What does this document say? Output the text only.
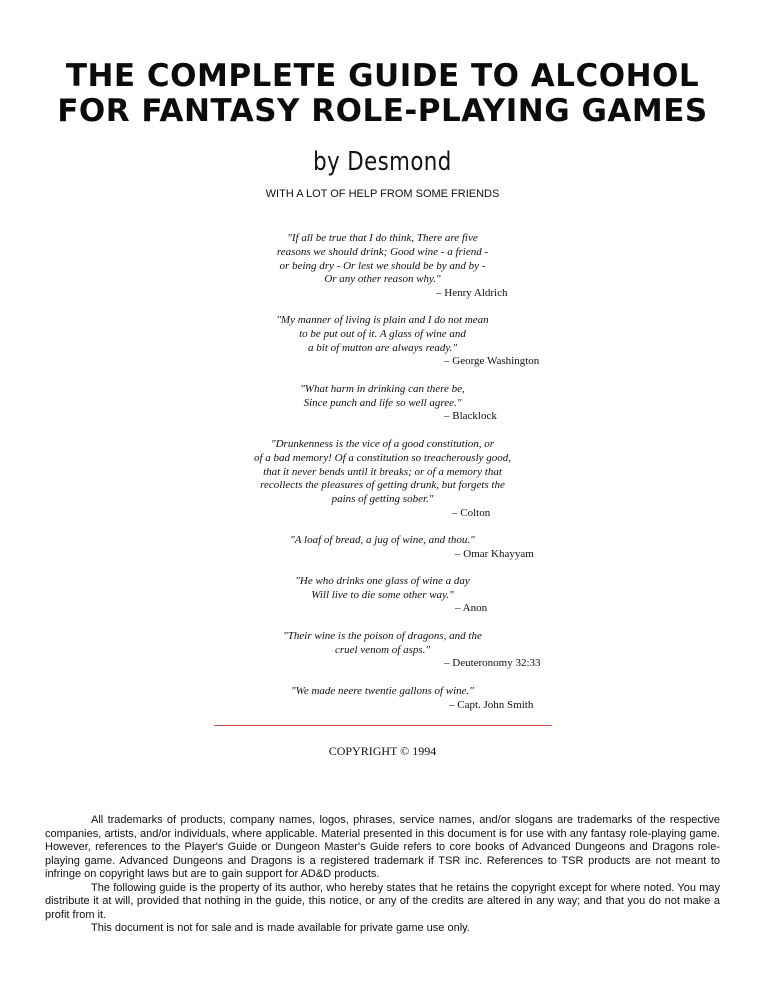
THE COMPLETE GUIDE TO ALCOHOL
FOR FANTASY ROLE-PLAYING GAMES
by Desmond
WITH A LOT OF HELP FROM SOME FRIENDS
"If all be true that I do think, There are five
reasons we should drink; Good wine - a friend -
or being dry - Or lest we should be by and by -
Or any other reason why."
– Henry Aldrich
"My manner of living is plain and I do not mean
to be put out of it. A glass of wine and
a bit of mutton are always ready."
– George Washington
"What harm in drinking can there be,
Since punch and life so well agree."
– Blacklock
"Drunkenness is the vice of a good constitution, or
of a bad memory! Of a constitution so treacherously good,
that it never bends until it breaks; or of a memory that
recollects the pleasures of getting drunk, but forgets the
pains of getting sober."
– Colton
"A loaf of bread, a jug of wine, and thou."
– Omar Khayyam
"He who drinks one glass of wine a day
Will live to die some other way."
– Anon
"Their wine is the poison of dragons, and the
cruel venom of asps."
– Deuteronomy 32:33
"We made neere twentie gallons of wine."
– Capt. John Smith
COPYRIGHT © 1994

All trademarks of products, company names, logos, phrases, service names, and/or slogans are trademarks of the respective companies, artists, and/or individuals, where applicable. Material presented in this document is for use with any fantasy role-playing game. However, references to the Player's Guide or Dungeon Master's Guide refers to core books of Advanced Dungeons and Dragons role-playing game. Advanced Dungeons and Dragons is a registered trademark if TSR inc. References to TSR products are not meant to infringe on copyright laws but are to gain support for AD&D products.

The following guide is the property of its author, who hereby states that he retains the copyright except for where noted. You may distribute it at will, provided that nothing in the guide, this notice, or any of the credits are altered in any way; and that you do not make a profit from it.

This document is not for sale and is made available for private game use only.
